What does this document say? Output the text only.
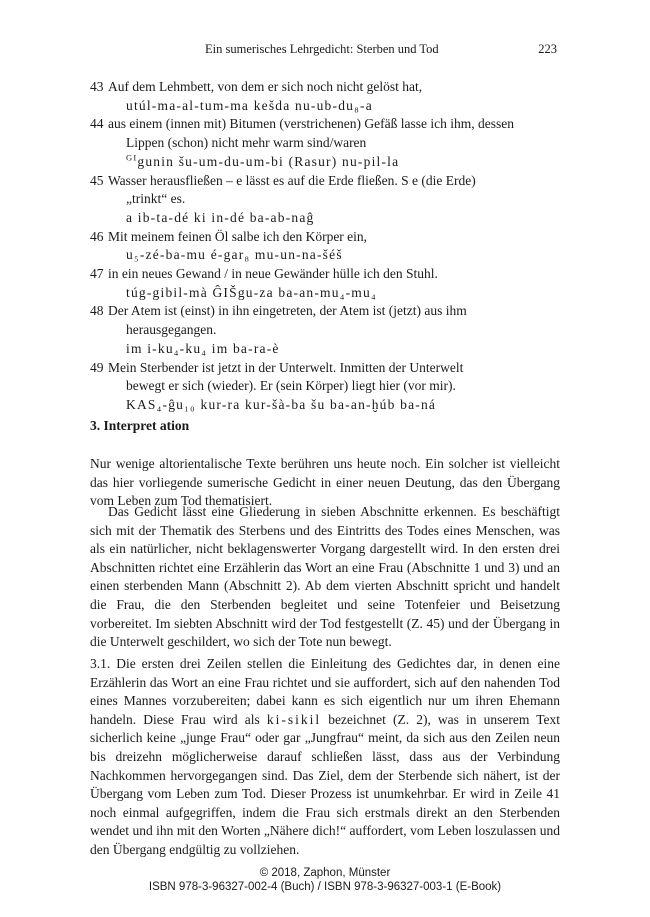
Ein sumerisches Lehrgedicht: Sterben und Tod	223
43 Auf dem Lehmbett, von dem er sich noch nicht gelöst hat,
utúl-ma-al-tum-ma kešda nu-ub-du₈-a
44 aus einem (innen mit) Bitumen (verstrichenen) Gefäß lasse ich ihm, dessen
Lippen (schon) nicht mehr warm sind/waren
$^{GI}$gunin šu-um-du-um-bi (Rasur) nu-pil-la
45 Wasser herausfließen – e lässt es auf die Erde fließen. S e (die Erde)
„trinkt“ es.
a ib-ta-dé ki in-dé ba-ab-naĝ
46 Mit meinem feinen Öl salbe ich den Körper ein,
u₅-zé-ba-mu é-gar₈ mu-un-na-šéš
47 in ein neues Gewand / in neue Gewänder hülle ich den Stuhl.
túg-gibil-mà ĜIŠgu-za ba-an-mu₄-mu₄
48 Der Atem ist (einst) in ihn eingetreten, der Atem ist (jetzt) aus ihm
herausgegangen.
im i-ku₄-ku₄ im ba-ra-è
49 Mein Sterbender ist jetzt in der Unterwelt. Inmitten der Unterwelt
bewegt er sich (wieder). Er (sein Körper) liegt hier (vor mir).
KAS₄-ĝu₁₀ kur-ra kur-šà-ba šu ba-an-ḫúb ba-ná
3. Interpret ation

Nur wenige altorientalische Texte berühren uns heute noch. Ein solcher ist vielleicht das hier vorliegende sumerische Gedicht in einer neuen Deutung, das den Übergang vom Leben zum Tod thematisiert.

Das Gedicht lässt eine Gliederung in sieben Abschnitte erkennen. Es beschäftigt sich mit der Thematik des Sterbens und des Eintritts des Todes eines Menschen, was als ein natürlicher, nicht beklagenswerter Vorgang dargestellt wird. In den ersten drei Abschnitten richtet eine Erzählerin das Wort an eine Frau (Abschnitte 1 und 3) und an einen sterbenden Mann (Abschnitt 2). Ab dem vierten Abschnitt spricht und handelt die Frau, die den Sterbenden begleitet und seine Totenfeier und Beisetzung vorbereitet. Im siebten Abschnitt wird der Tod festgestellt (Z. 45) und der Übergang in die Unterwelt geschildert, wo sich der Tote nun bewegt.

3.1. Die ersten drei Zeilen stellen die Einleitung des Gedichtes dar, in denen eine Erzählerin das Wort an eine Frau richtet und sie auffordert, sich auf den nahenden Tod eines Mannes vorzubereiten; dabei kann es sich eigentlich nur um ihren Ehemann handeln. Diese Frau wird als ki-sikil bezeichnet (Z. 2), was in unserem Text sicherlich keine „junge Frau“ oder gar „Jungfrau“ meint, da sich aus den Zeilen neun bis dreizehn möglicherweise darauf schließen lässt, dass aus der Verbindung Nachkommen hervorgegangen sind. Das Ziel, dem der Sterbende sich nähert, ist der Übergang vom Leben zum Tod. Dieser Prozess ist unumkehrbar. Er wird in Zeile 41 noch einmal aufgegriffen, indem die Frau sich erstmals direkt an den Sterbenden wendet und ihn mit den Worten „Nähere dich!“ auffordert, vom Leben loszulassen und den Übergang endgültig zu vollziehen.

© 2018, Zaphon, Münster
ISBN 978-3-96327-002-4 (Buch) / ISBN 978-3-96327-003-1 (E-Book)
